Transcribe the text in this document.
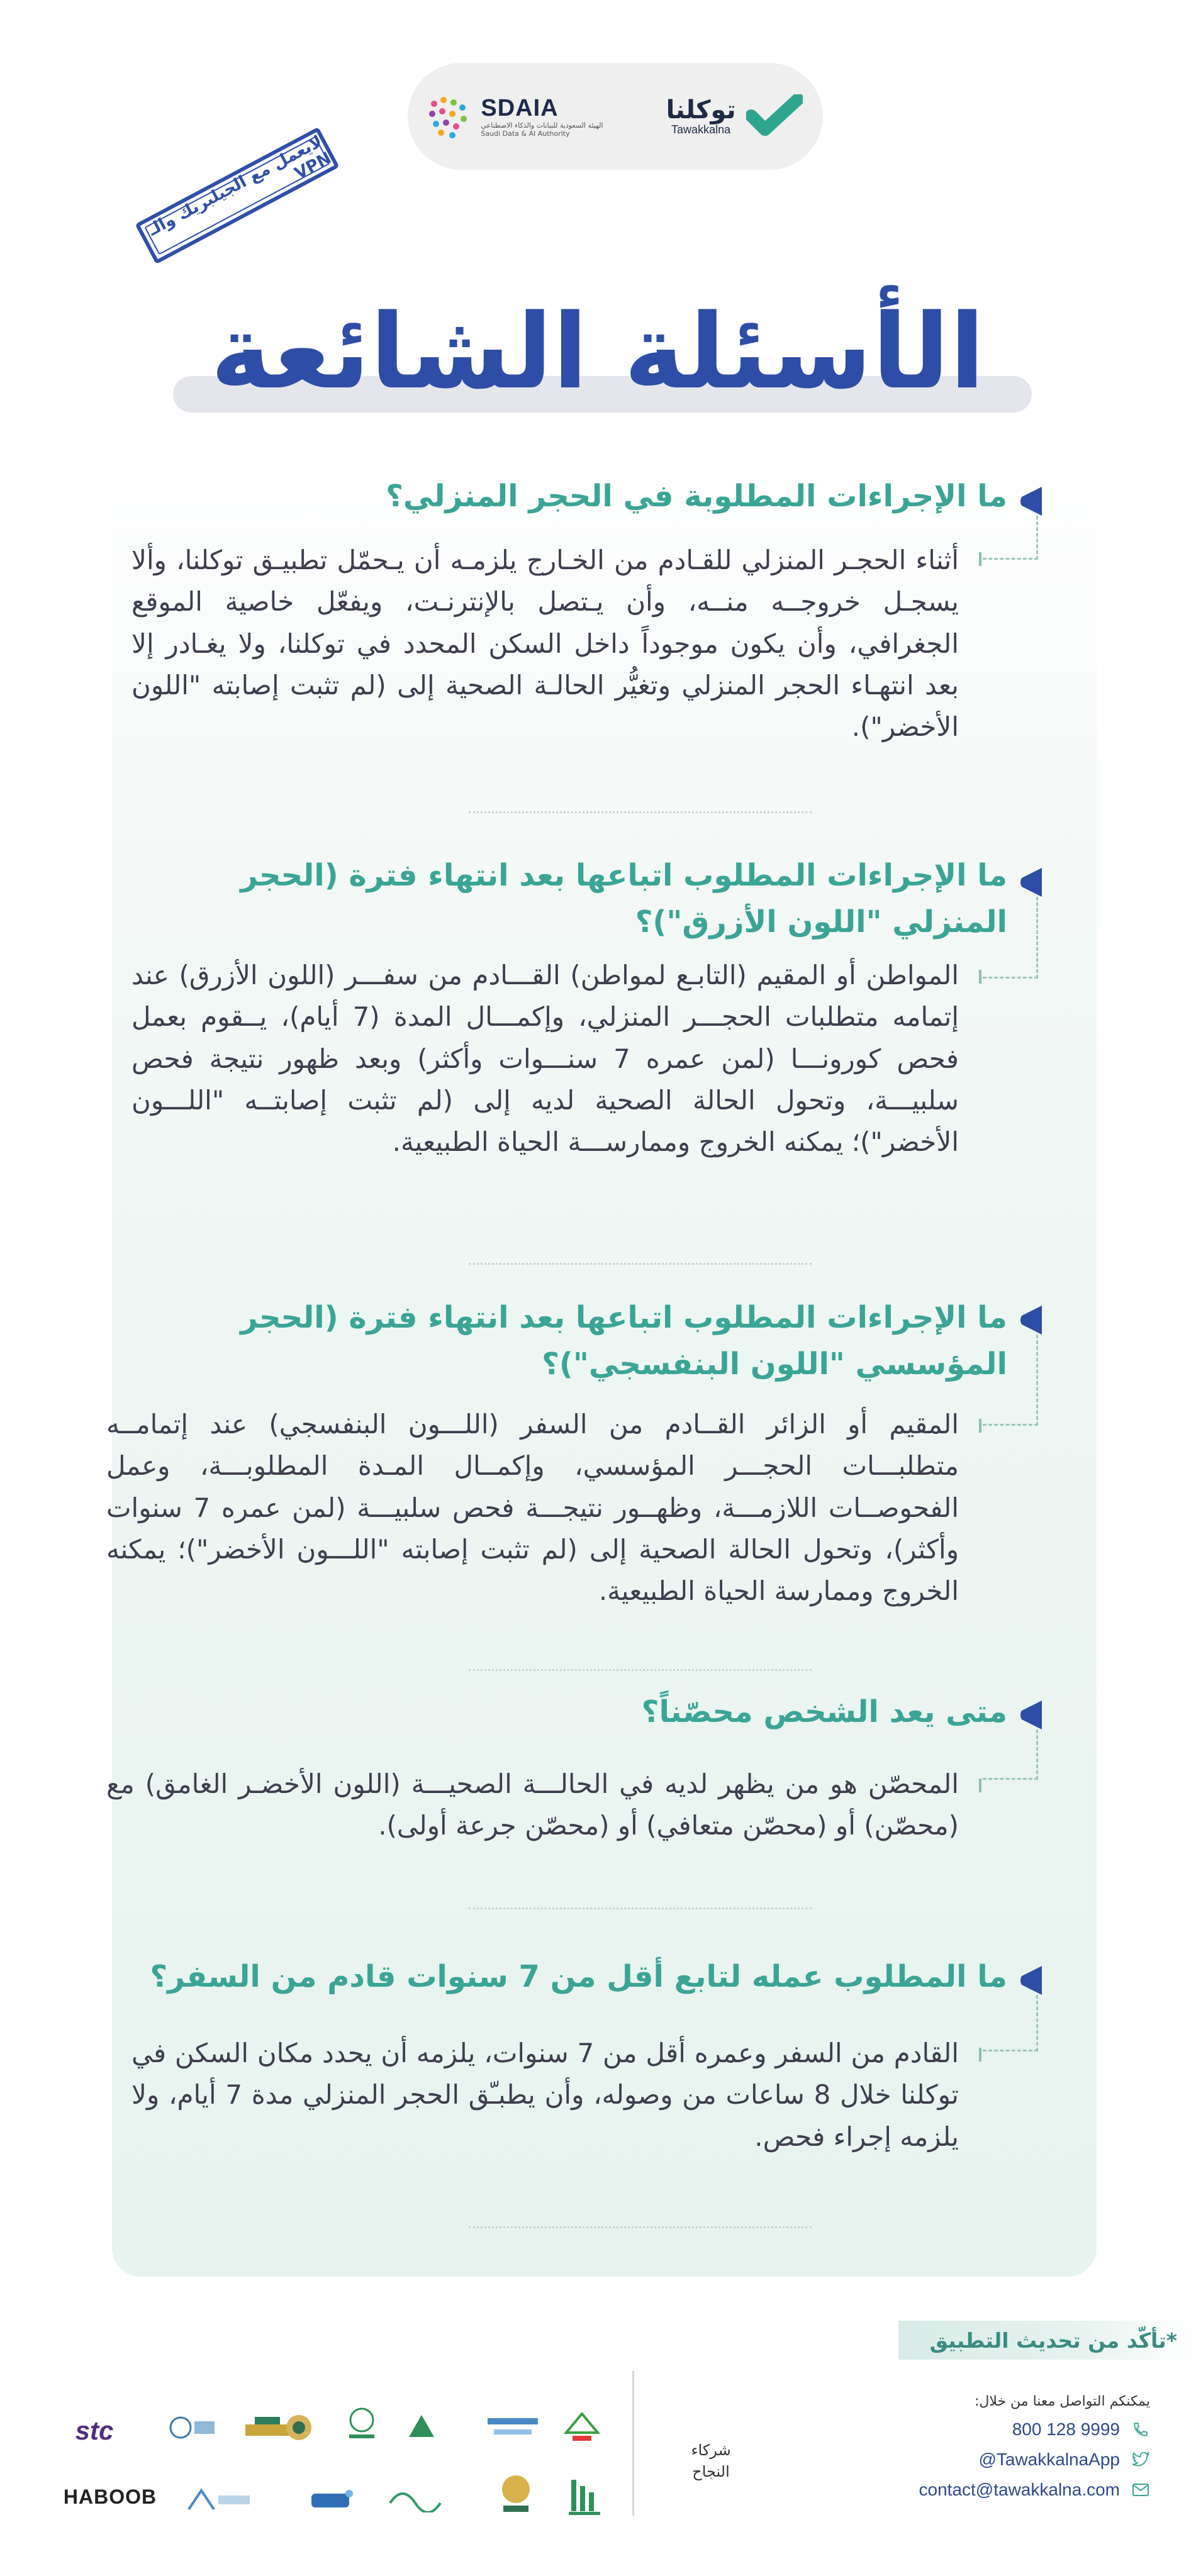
SDAIA
الهيئة السعودية للبيانات والذكاء الاصطناعي
Saudi Data & AI Authority
توكلنا
Tawakkalna
لايعمل مع الجيلبريك والـ VPN
الأسئلة الشائعة
ما الإجراءات المطلوبة في الحجر المنزلي؟
أثناء الحجـر المنزلي للقـادم من الخـارج يلزمـه أن يـحمّل تطبيـق توكلنا، وألا يسجـل خروجــه منــه، وأن يـتصل بالإنترنـت، ويفعّل خاصية الموقع الجغرافي، وأن يكون موجوداً داخل السكن المحدد في توكلنا، ولا يغـادر إلا بعد انتهـاء الحجر المنزلي وتغيُّر الحالـة الصحية إلى (لم تثبت إصابته "اللون الأخضر").
ما الإجراءات المطلوب اتباعها بعد انتهاء فترة (الحجر المنزلي "اللون الأزرق")؟
المواطن أو المقيم (التابـع لمواطن) القـــادم من سفـــر (اللون الأزرق) عند إتمامه متطلبات الحجـــر المنزلي، وإكمـــال المدة (7 أيام)، يــقوم بعمل فحص كورونـــا (لمن عمره 7 سنـــوات وأكثر) وبعد ظهور نتيجة فحص سلبيـــة، وتحول الحالة الصحية لديه إلى (لم تثبت إصابتــه "اللـــون الأخضر")؛ يمكنه الخروج وممارســـة الحياة الطبيعية.
ما الإجراءات المطلوب اتباعها بعد انتهاء فترة (الحجر المؤسسي "اللون البنفسجي")؟
المقيم أو الزائر القــادم من السفر (اللـــون البنفسجي) عند إتمامــه متطلبـــات الحجـــر المؤسسي، وإكمــال المـدة المطلوبـــة، وعمل الفحوصــات اللازمـــة، وظهــور نتيجـــة فحص سلبيـــة (لمن عمره 7 سنوات وأكثر)، وتحول الحالة الصحية إلى (لم تثبت إصابته "اللـــون الأخضر")؛ يمكنه الخروج وممارسة الحياة الطبيعية.
متى يعد الشخص محصّناً؟
المحصّن هو من يظهر لديه في الحالـــة الصحيـــة (اللون الأخضـر الغامق) مع (محصّن) أو (محصّن متعافي) أو (محصّن جرعة أولى).
ما المطلوب عمله لتابع أقل من 7 سنوات قادم من السفر؟
القادم من السفر وعمره أقل من 7 سنوات، يلزمه أن يحدد مكان السكن في توكلنا خلال 8 ساعات من وصوله، وأن يطبـّق الحجر المنزلي مدة 7 أيام، ولا يلزمه إجراء فحص.
*تأكّد من تحديث التطبيق
يمكنكم التواصل معنا من خلال:
800 128 9999
@TawakkalnaApp
contact@tawakkalna.com
شركاء النجاح
stc
HABOOB
